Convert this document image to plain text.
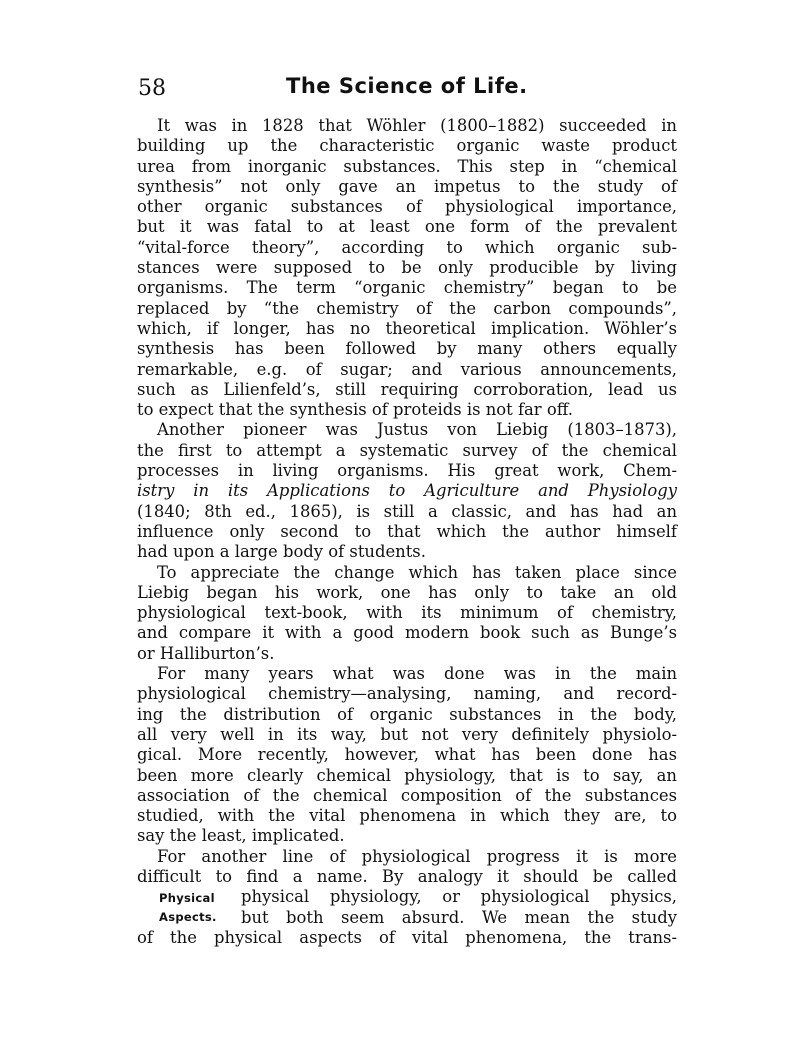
58	The Science of Life.
It was in 1828 that Wöhler (1800–1882) succeeded in
building up the characteristic organic waste product
urea from inorganic substances. This step in “chemical
synthesis” not only gave an impetus to the study of
other organic substances of physiological importance,
but it was fatal to at least one form of the prevalent
“vital-force theory”, according to which organic sub-
stances were supposed to be only producible by living
organisms. The term “organic chemistry” began to be
replaced by “the chemistry of the carbon compounds”,
which, if longer, has no theoretical implication. Wöhler’s
synthesis has been followed by many others equally
remarkable, e.g. of sugar; and various announcements,
such as Lilienfeld’s, still requiring corroboration, lead us
to expect that the synthesis of proteids is not far off.
Another pioneer was Justus von Liebig (1803–1873),
the first to attempt a systematic survey of the chemical
processes in living organisms. His great work, Chem-
istry in its Applications to Agriculture and Physiology
(1840; 8th ed., 1865), is still a classic, and has had an
influence only second to that which the author himself
had upon a large body of students.
To appreciate the change which has taken place since
Liebig began his work, one has only to take an old
physiological text-book, with its minimum of chemistry,
and compare it with a good modern book such as Bunge’s
or Halliburton’s.
For many years what was done was in the main
physiological chemistry—analysing, naming, and record-
ing the distribution of organic substances in the body,
all very well in its way, but not very definitely physiolo-
gical. More recently, however, what has been done has
been more clearly chemical physiology, that is to say, an
association of the chemical composition of the substances
studied, with the vital phenomena in which they are, to
say the least, implicated.
For another line of physiological progress it is more
difficult to find a name. By analogy it should be called
Physical	physical physiology, or physiological physics,
Aspects.	but both seem absurd. We mean the study
of the physical aspects of vital phenomena, the trans-
